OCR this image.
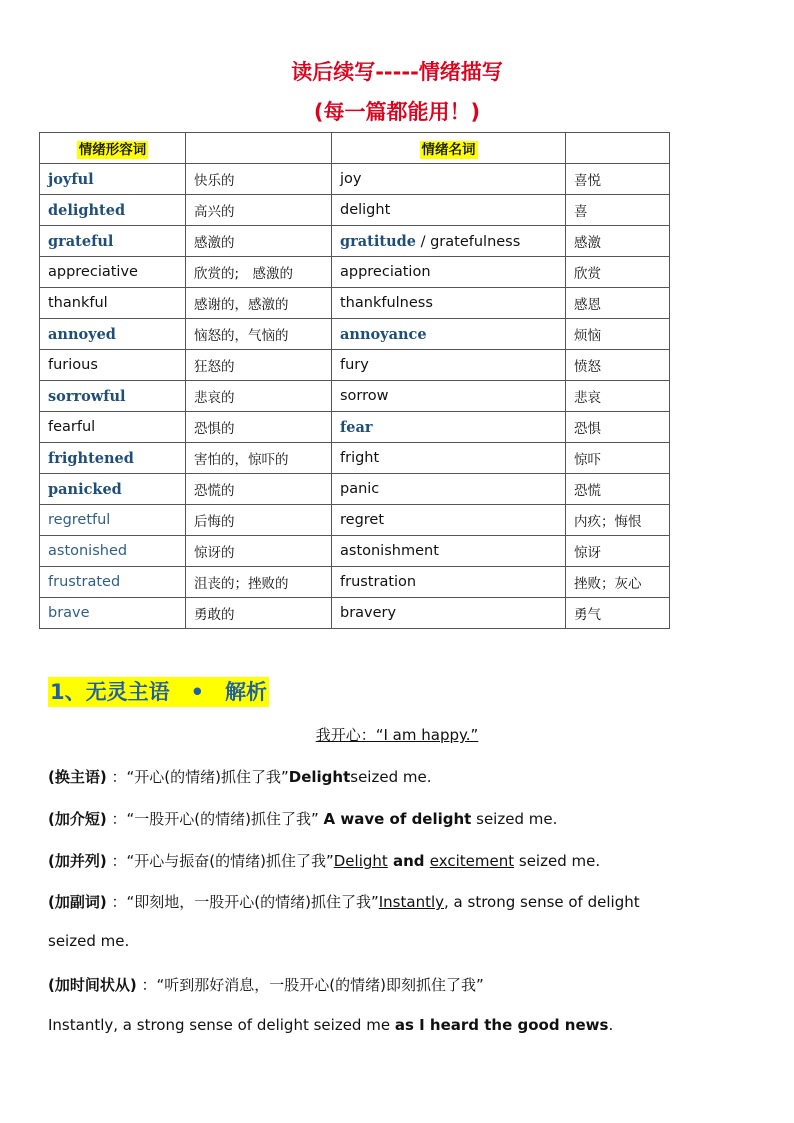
读后续写-----情绪描写
(每一篇都能用！)
情绪形容词		情绪名词	
joyful	快乐的	joy	喜悦
delighted	高兴的	delight	喜
grateful	感激的	gratitude / gratefulness	感激
appreciative	欣赏的;　感激的	appreciation	欣赏
thankful	感谢的，感激的	thankfulness	感恩
annoyed	恼怒的，气恼的	annoyance	烦恼
furious	狂怒的	fury	愤怒
sorrowful	悲哀的	sorrow	悲哀
fearful	恐惧的	fear	恐惧
frightened	害怕的，惊吓的	fright	惊吓
panicked	恐慌的	panic	恐慌
regretful	后悔的	regret	内疚；悔恨
astonished	惊讶的	astonishment	惊讶
frustrated	沮丧的；挫败的	frustration	挫败；灰心
brave	勇敢的	bravery	勇气
1、无灵主语　•　解析
我开心：“I am happy.”
(换主语) ：“开心(的情绪)抓住了我”Delightseized me.
(加介短) ：“一股开心(的情绪)抓住了我” A wave of delight seized me.
(加并列) ：“开心与振奋(的情绪)抓住了我”Delight and excitement seized me.
(加副词) ：“即刻地，一股开心(的情绪)抓住了我”Instantly, a strong sense of delight
seized me.
(加时间状从) ：“听到那好消息，一股开心(的情绪)即刻抓住了我”
Instantly, a strong sense of delight seized me as I heard the good news.
